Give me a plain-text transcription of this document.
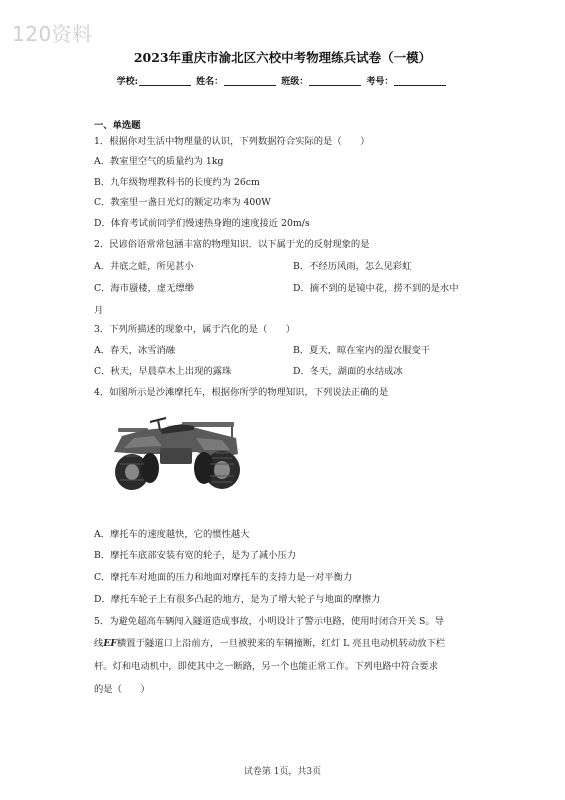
120资料
2023年重庆市渝北区六校中考物理练兵试卷（一模）
学校:	姓名：	班级：	考号：
一、单选题
1．根据你对生活中物理量的认识，下列数据符合实际的是（　　）
A．教室里空气的质量约为 1kg
B．九年级物理教科书的长度约为 26cm
C．教室里一盏日光灯的额定功率为 400W
D．体育考试前同学们慢速热身跑的速度接近 20m/s
2．民谚俗语常常包涵丰富的物理知识．以下属于光的反射现象的是
A．井底之蛙，所见甚小	B．不经历风雨，怎么见彩虹
C．海市蜃楼，虚无缥缈	D．摘不到的是镜中花，捞不到的是水中
月
3．下列所描述的现象中，属于汽化的是（　　）
A．春天，冰雪消融	B．夏天，晾在室内的湿衣服变干
C．秋天，早晨草木上出现的露珠	D．冬天，湖面的水结成冰
4．如图所示是沙滩摩托车，根据你所学的物理知识，下列说法正确的是
A．摩托车的速度越快，它的惯性越大
B．摩托车底部安装有宽的轮子，是为了减小压力
C．摩托车对地面的压力和地面对摩托车的支持力是一对平衡力
D．摩托车轮子上有很多凸起的地方，是为了增大轮子与地面的摩擦力
5．为避免超高车辆闯入隧道造成事故，小明设计了警示电路，使用时闭合开关 S。导
线EF横置于隧道口上沿前方，一旦被驶来的车辆撞断，红灯 L 亮且电动机转动放下栏
杆。灯和电动机中，即使其中之一断路，另一个也能正常工作。下列电路中符合要求
的是（　　）
试卷第 1页，共3页
